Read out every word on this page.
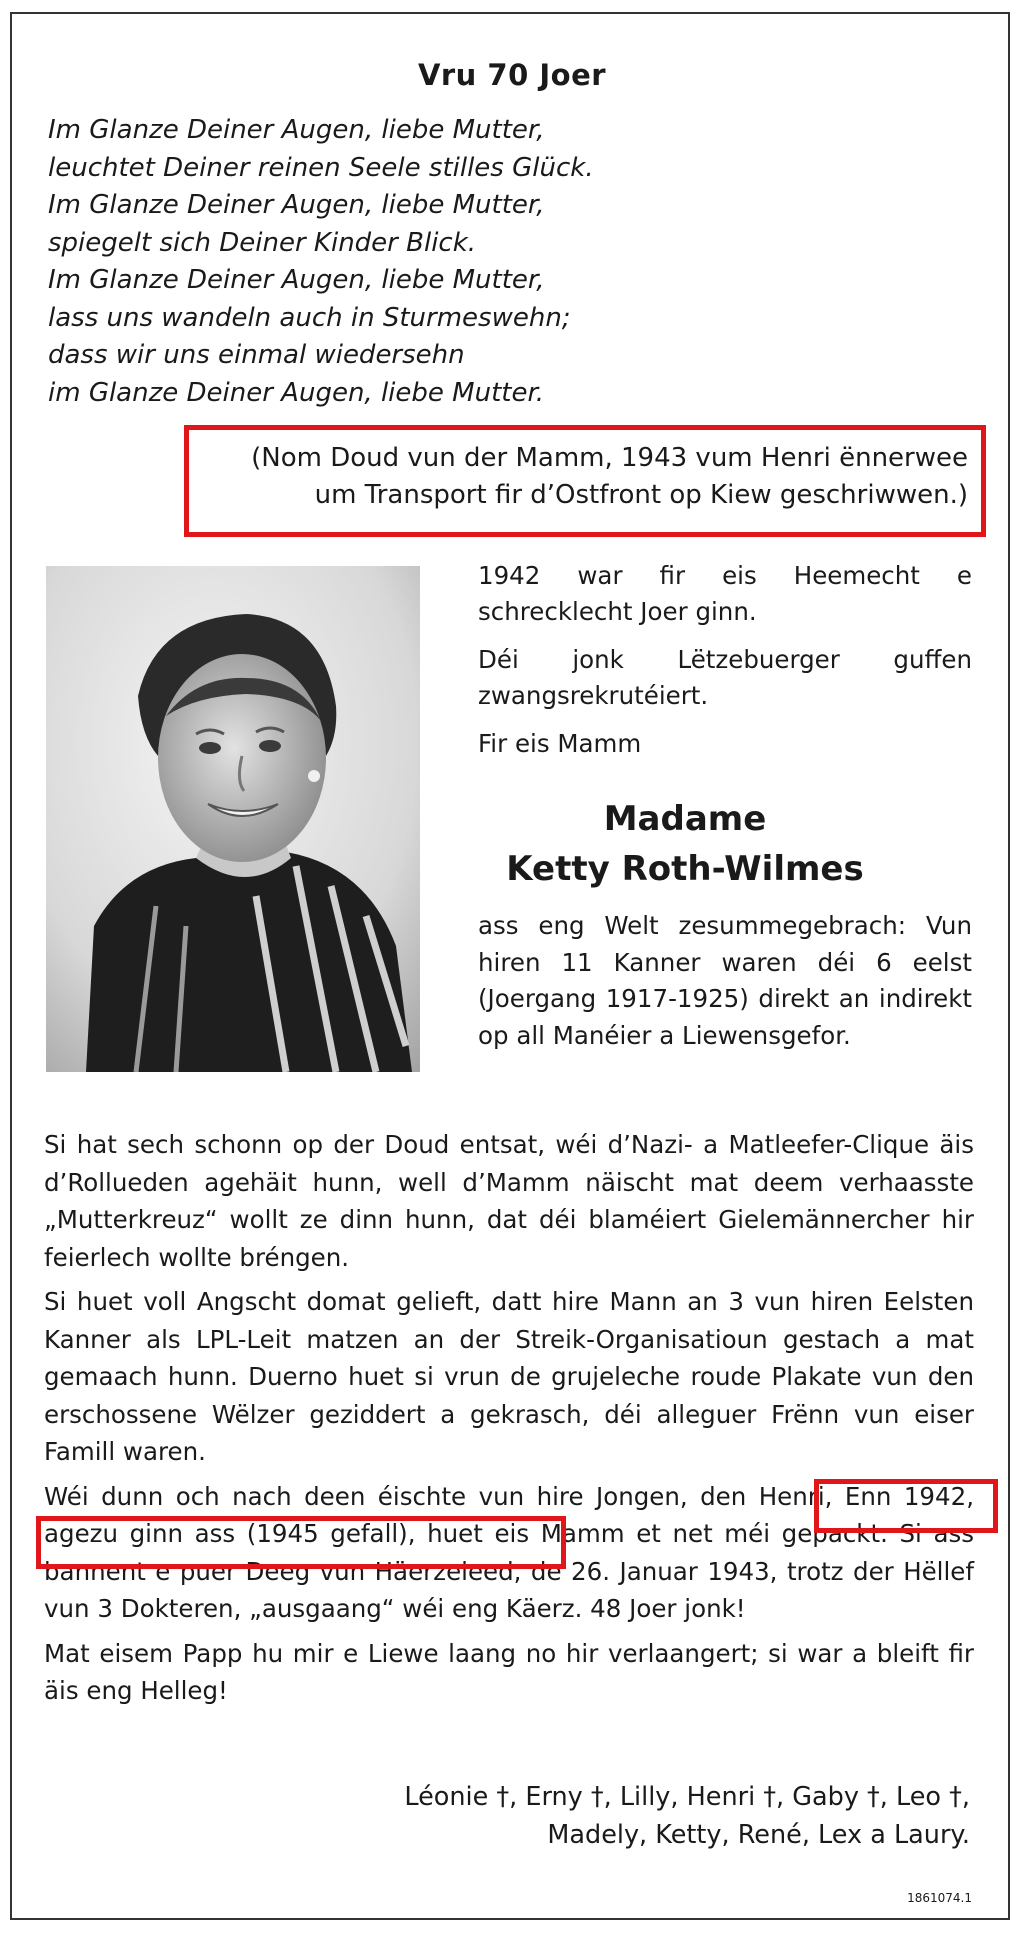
Vru 70 Joer
Im Glanze Deiner Augen, liebe Mutter,
leuchtet Deiner reinen Seele stilles Glück.
Im Glanze Deiner Augen, liebe Mutter,
spiegelt sich Deiner Kinder Blick.
Im Glanze Deiner Augen, liebe Mutter,
lass uns wandeln auch in Sturmeswehn;
dass wir uns einmal wiedersehn
im Glanze Deiner Augen, liebe Mutter.
(Nom Doud vun der Mamm, 1943 vum Henri ënnerwee
um Transport fir d’Ostfront op Kiew geschriwwen.)

1942 war fir eis Heemecht e schrecklecht Joer ginn.

Déi jonk Lëtzebuerger guffen zwangsrekrutéiert.

Fir eis Mamm

Madame
Ketty Roth-Wilmes
ass eng Welt zesummegebrach: Vun hiren 11 Kanner waren déi 6 eelst (Joergang 1917-1925) direkt an indirekt op all Manéier a Liewensgefor.

Si hat sech schonn op der Doud entsat, wéi d’Nazi- a Matleefer-Clique äis d’Rollueden agehäit hunn, well d’Mamm näischt mat deem verhaasste „Mutterkreuz“ wollt ze dinn hunn, dat déi blaméiert Gielemännercher hir feierlech wollte bréngen.

Si huet voll Angscht domat gelieft, datt hire Mann an 3 vun hiren Eelsten Kanner als LPL-Leit matzen an der Streik-Organisatioun gestach a mat gemaach hunn. Duerno huet si vrun de grujeleche roude Plakate vun den erschossene Wëlzer geziddert a gekrasch, déi alleguer Frënn vun eiser Famill waren.

Wéi dunn och nach deen éischte vun hire Jongen, den Henri, Enn 1942, agezu ginn ass (1945 gefall), huet eis Mamm et net méi gepackt. Si ass bannent e puer Deeg vun Häerzeleed, de 26. Januar 1943, trotz der Hëllef vun 3 Dokteren, „ausgaang“ wéi eng Käerz. 48 Joer jonk!

Mat eisem Papp hu mir e Liewe laang no hir verlaangert; si war a bleift fir äis eng Helleg!

Léonie †, Erny †, Lilly, Henri †, Gaby †, Leo †,
Madely, Ketty, René, Lex a Laury.
1861074.1
